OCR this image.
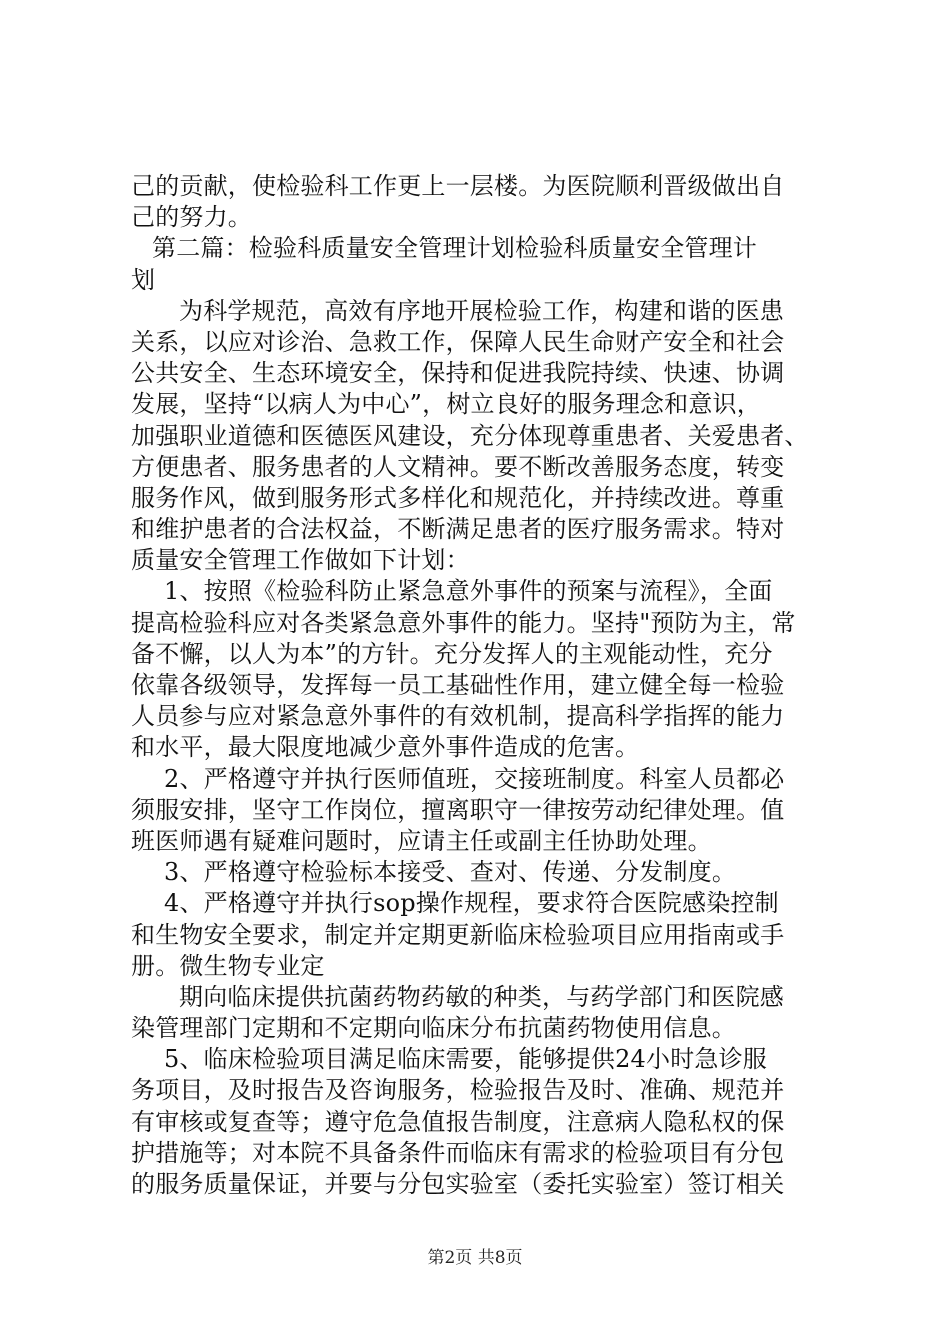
己的贡献，使检验科工作更上一层楼。为医院顺利晋级做出自
己的努力。
第二篇：检验科质量安全管理计划检验科质量安全管理计
划
为科学规范，高效有序地开展检验工作，构建和谐的医患
关系，以应对诊治、急救工作，保障人民生命财产安全和社会
公共安全、生态环境安全，保持和促进我院持续、快速、协调
发展，坚持“以病人为中心”，树立良好的服务理念和意识，
加强职业道德和医德医风建设，充分体现尊重患者、关爱患者、
方便患者、服务患者的人文精神。要不断改善服务态度，转变
服务作风，做到服务形式多样化和规范化，并持续改进。尊重
和维护患者的合法权益，不断满足患者的医疗服务需求。特对
质量安全管理工作做如下计划：
1、按照《检验科防止紧急意外事件的预案与流程》，全面
提高检验科应对各类紧急意外事件的能力。坚持"预防为主，常
备不懈，以人为本”的方针。充分发挥人的主观能动性，充分
依靠各级领导，发挥每一员工基础性作用，建立健全每一检验
人员参与应对紧急意外事件的有效机制，提高科学指挥的能力
和水平，最大限度地减少意外事件造成的危害。
2、严格遵守并执行医师值班，交接班制度。科室人员都必
须服安排，坚守工作岗位，擅离职守一律按劳动纪律处理。值
班医师遇有疑难问题时，应请主任或副主任协助处理。
3、严格遵守检验标本接受、查对、传递、分发制度。
4、严格遵守并执行sop操作规程，要求符合医院感染控制
和生物安全要求，制定并定期更新临床检验项目应用指南或手
册。微生物专业定
期向临床提供抗菌药物药敏的种类，与药学部门和医院感
染管理部门定期和不定期向临床分布抗菌药物使用信息。
5、临床检验项目满足临床需要，能够提供24小时急诊服
务项目，及时报告及咨询服务，检验报告及时、准确、规范并
有审核或复查等；遵守危急值报告制度，注意病人隐私权的保
护措施等；对本院不具备条件而临床有需求的检验项目有分包
的服务质量保证，并要与分包实验室（委托实验室）签订相关
第2页 共8页
